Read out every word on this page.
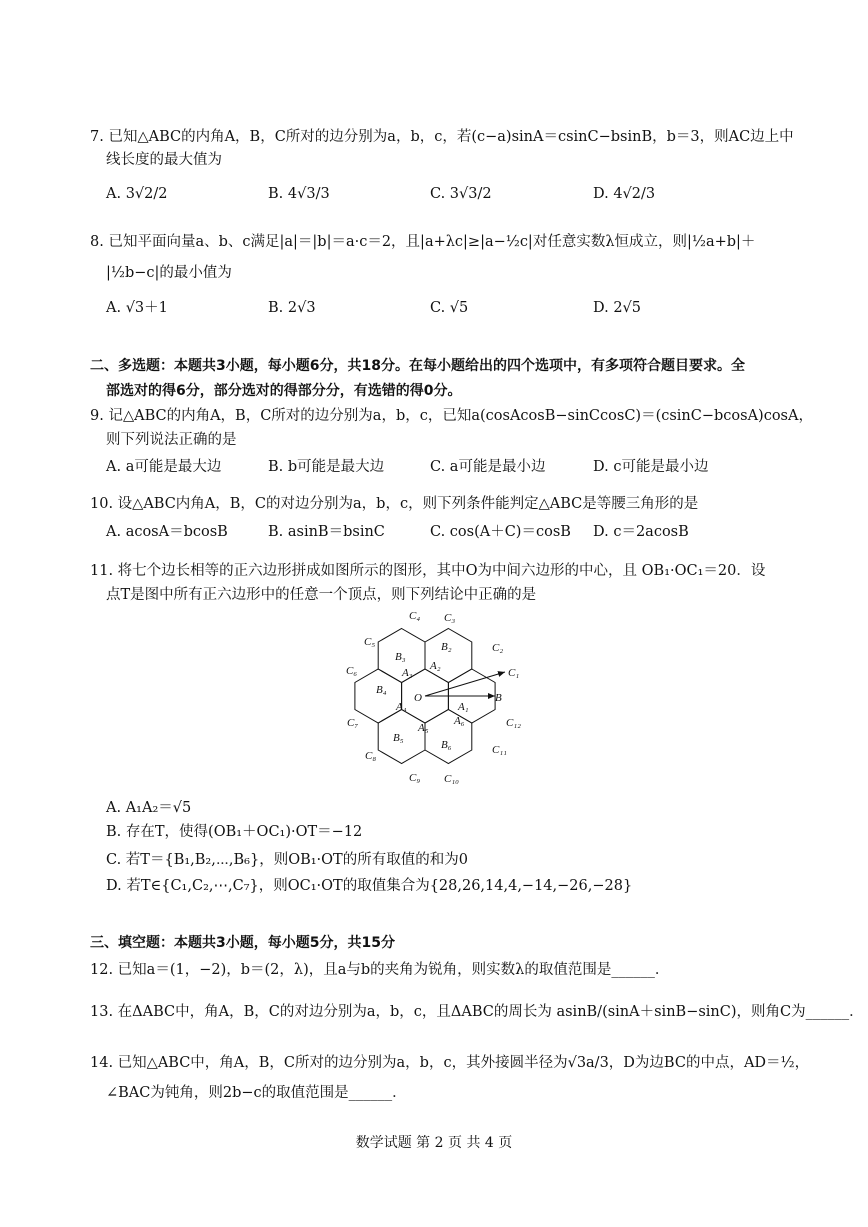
7. 已知△ABC的内角A，B，C所对的边分别为a，b，c，若(c−a)sinA＝csinC−bsinB，b＝3，则AC边上中
线长度的最大值为
A. 3√2/2	B. 4√3/3	C. 3√3/2	D. 4√2/3
8. 已知平面向量a、b、c满足|a|＝|b|＝a·c＝2，且|a+λc|≥|a−½c|对任意实数λ恒成立，则|½a+b|＋
|½b−c|的最小值为
A. √3＋1	B. 2√3	C. √5	D. 2√5
二、多选题：本题共3小题，每小题6分，共18分。在每小题给出的四个选项中，有多项符合题目要求。全
部选对的得6分，部分选对的得部分分，有选错的得0分。
9. 记△ABC的内角A，B，C所对的边分别为a，b，c，已知a(cosAcosB−sinCcosC)＝(csinC−bcosA)cosA，
则下列说法正确的是
A. a可能是最大边	B. b可能是最大边	C. a可能是最小边	D. c可能是最小边
10. 设△ABC内角A，B，C的对边分别为a，b，c，则下列条件能判定△ABC是等腰三角形的是
A. acosA＝bcosB	B. asinB＝bsinC	C. cos(A＋C)＝cosB D. c＝2acosB
11. 将七个边长相等的正六边形拼成如图所示的图形，其中O为中间六边形的中心，且 OB₁·OC₁＝20．设
点T是图中所有正六边形中的任意一个顶点，则下列结论中正确的是
O	B
A₁
A₂
A₃
A₄
A₅
A₆
B₂
B₃
B₄
B₅
B₆
C₁
C₂
C₃
C₄
C₅
C₆
C₇
C₈
C₉ C₁₀
C₁₁
C₁₂
A. A₁A₂＝√5
B. 存在T，使得(OB₁＋OC₁)·OT＝−12
C. 若T＝{B₁,B₂,⋯,B₆}，则OB₁·OT的所有取值的和为0
D. 若T∈{C₁,C₂,⋯,C₇}，则OC₁·OT的取值集合为{28,26,14,4,−14,−26,−28}
三、填空题：本题共3小题，每小题5分，共15分
12. 已知a＝(1，−2)，b＝(2，λ)，且a与b的夹角为锐角，则实数λ的取值范围是______．
13. 在ΔABC中，角A，B，C的对边分别为a，b，c，且ΔABC的周长为 asinB/(sinA＋sinB−sinC)，则角C为______．
14. 已知△ABC中，角A，B，C所对的边分别为a，b，c，其外接圆半径为√3a/3，D为边BC的中点，AD＝½，
∠BAC为钝角，则2b−c的取值范围是______．
数学试题 第 2 页 共 4 页
